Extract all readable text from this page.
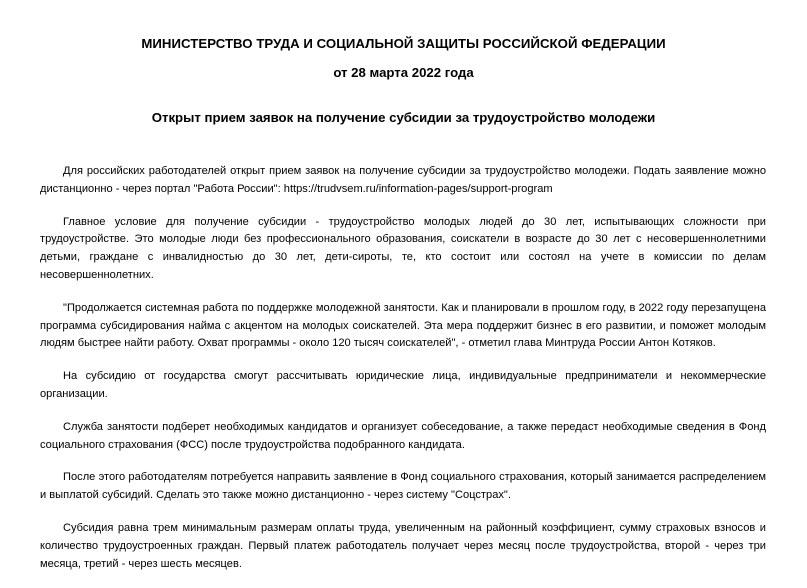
МИНИСТЕРСТВО ТРУДА И СОЦИАЛЬНОЙ ЗАЩИТЫ РОССИЙСКОЙ ФЕДЕРАЦИИ
от 28 марта 2022 года
Открыт прием заявок на получение субсидии за трудоустройство молодежи

Для российских работодателей открыт прием заявок на получение субсидии за трудоустройство молодежи. Подать заявление можно дистанционно - через портал "Работа России": https://trudvsem.ru/information-pages/support-program

Главное условие для получение субсидии - трудоустройство молодых людей до 30 лет, испытывающих сложности при трудоустройстве. Это молодые люди без профессионального образования, соискатели в возрасте до 30 лет с несовершеннолетними детьми, граждане с инвалидностью до 30 лет, дети-сироты, те, кто состоит или состоял на учете в комиссии по делам несовершеннолетних.

"Продолжается системная работа по поддержке молодежной занятости. Как и планировали в прошлом году, в 2022 году перезапущена программа субсидирования найма с акцентом на молодых соискателей. Эта мера поддержит бизнес в его развитии, и поможет молодым людям быстрее найти работу. Охват программы - около 120 тысяч соискателей", - отметил глава Минтруда России Антон Котяков.

На субсидию от государства смогут рассчитывать юридические лица, индивидуальные предприниматели и некоммерческие организации.

Служба занятости подберет необходимых кандидатов и организует собеседование, а также передаст необходимые сведения в Фонд социального страхования (ФСС) после трудоустройства подобранного кандидата.

После этого работодателям потребуется направить заявление в Фонд социального страхования, который занимается распределением и выплатой субсидий. Сделать это также можно дистанционно - через систему "Соцстрах".

Субсидия равна трем минимальным размерам оплаты труда, увеличенным на районный коэффициент, сумму страховых взносов и количество трудоустроенных граждан. Первый платеж работодатель получает через месяц после трудоустройства, второй - через три месяца, третий - через шесть месяцев.
